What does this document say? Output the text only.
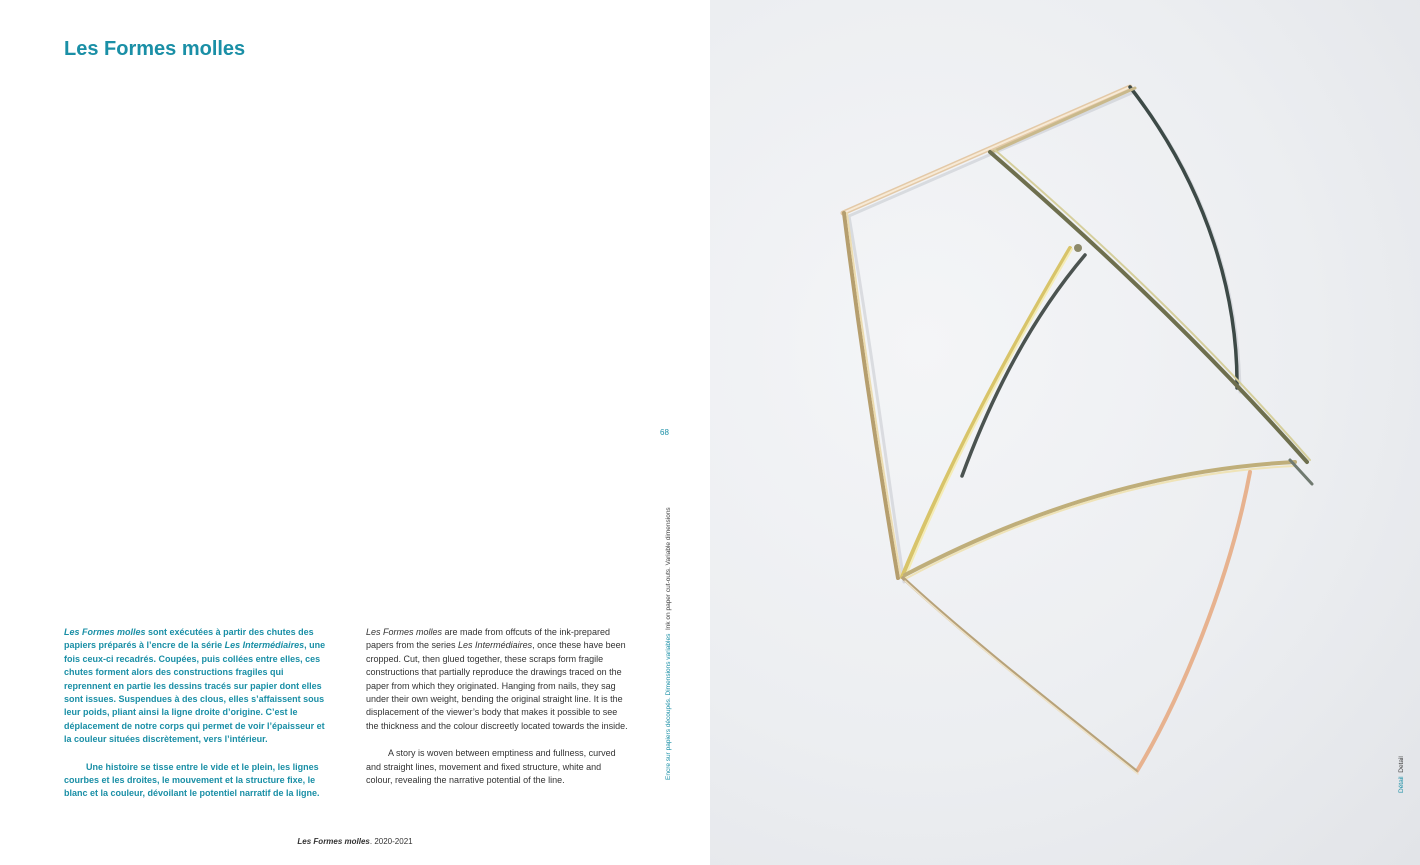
Les Formes molles
68

Les Formes molles sont exécutées à partir des chutes des papiers préparés à l’encre de la série Les Intermédiaires, une fois ceux-ci recadrés. Coupées, puis collées entre elles, ces chutes forment alors des constructions fragiles qui reprennent en partie les dessins tracés sur papier dont elles sont issues. Suspendues à des clous, elles s’affaissent sous leur poids, pliant ainsi la ligne droite d’origine. C’est le déplacement de notre corps qui permet de voir l’épaisseur et la couleur situées discrètement, vers l’intérieur.

Une histoire se tisse entre le vide et le plein, les lignes courbes et les droites, le mouvement et la structure fixe, le blanc et la couleur, dévoilant le potentiel narratif de la ligne.

Les Formes molles are made from offcuts of the ink-prepared papers from the series Les Intermédiaires, once these have been cropped. Cut, then glued together, these scraps form fragile constructions that partially reproduce the drawings traced on the paper from which they originated. Hanging from nails, they sag under their own weight, bending the original straight line. It is the displacement of the viewer’s body that makes it possible to see the thickness and the colour discreetly located towards the inside.

A story is woven between emptiness and fullness, curved and straight lines, movement and fixed structure, white and colour, revealing the narrative potential of the line.

Les Formes molles. 2020-2021
Encre sur papiers découpés. Dimensions variables  Ink on paper cut-outs. Variable dimensions
Détail  Detail
